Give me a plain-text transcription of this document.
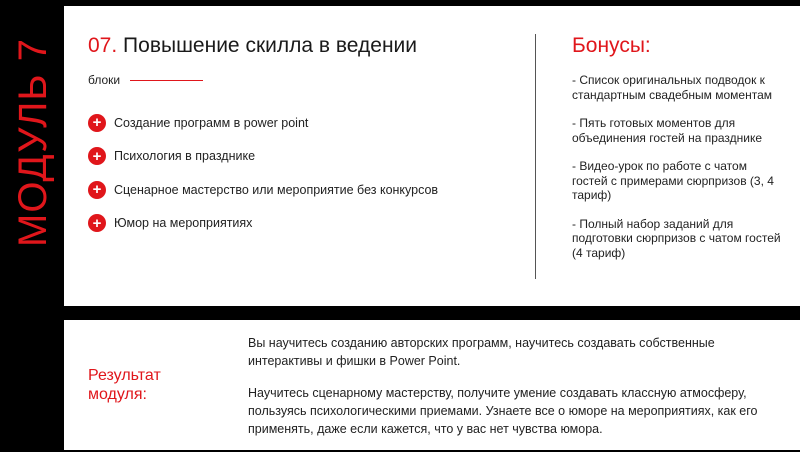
МОДУЛЬ 7 07. Повышение скилла в ведении
блоки
+	Создание программ в power point
+	Психология в празднике
+	Сценарное мастерство или мероприятие без конкурсов
+	Юмор на мероприятиях
Бонусы:
- Список оригинальных подводок к стандартным свадебным моментам
- Пять готовых моментов для объединения гостей на празднике
- Видео-урок по работе с чатом гостей с примерами сюрпризов (3, 4 тариф)
- Полный набор заданий для подготовки сюрпризов с чатом гостей (4 тариф)
Результат модуля:

Вы научитесь созданию авторских программ, научитесь создавать собственные интерактивы и фишки в Power Point.

Научитесь сценарному мастерству, получите умение создавать классную атмосферу, пользуясь психологическими приемами. Узнаете все о юморе на мероприятиях, как его применять, даже если кажется, что у вас нет чувства юмора.
